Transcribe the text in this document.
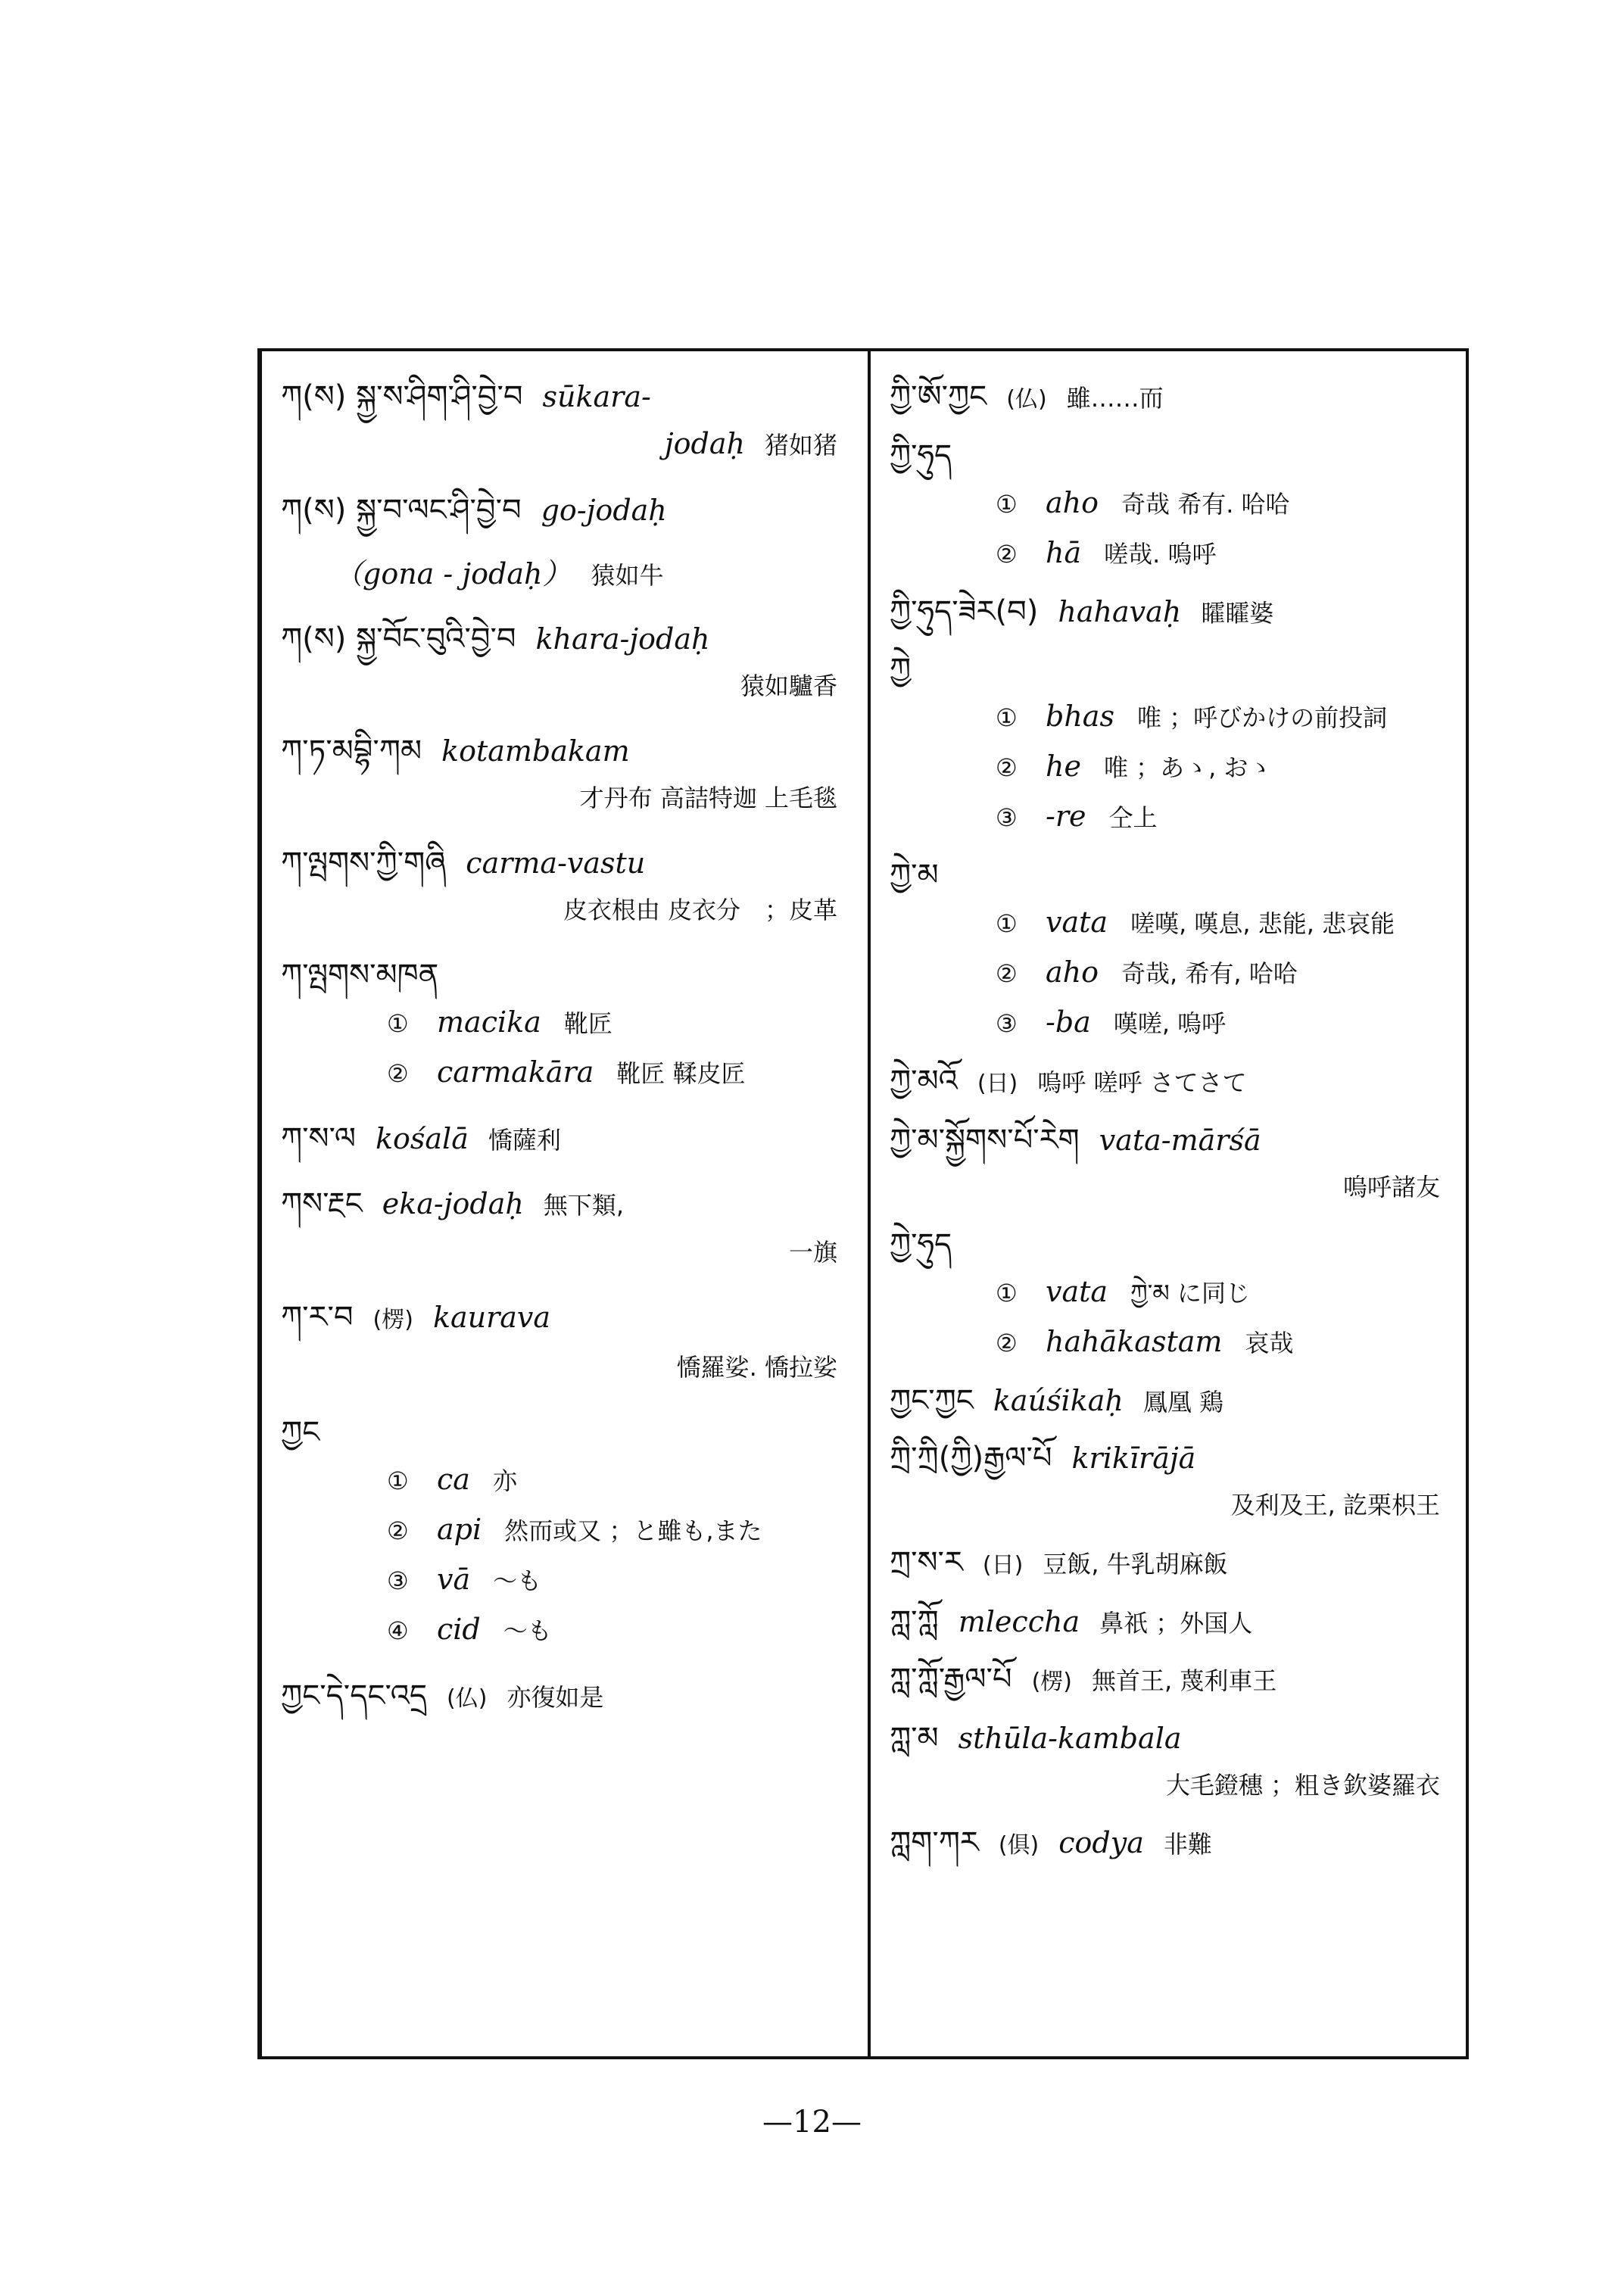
ཀ(ས) སྐྱ་ས་ཤིག་ཤི་བྱེ་བ sūkara-
jodaḥ 猪如猪
ཀ(ས) སྐྱ་བ་ལང་ཤི་བྱེ་བ go-jodaḥ
（gona - jodaḥ） 猿如牛
ཀ(ས) སྐྱ་བོང་བུའི་བྱེ་བ khara-jodaḥ
猿如驢香
ཀ་ཏ་མབྷི་ཀམ kotambakam
才丹布 高詰特迦 上毛毯
ཀ་ལྤགས་ཀྱི་གཞི carma-vastu
皮衣根由 皮衣分　；皮革
ཀ་ལྤགས་མཁན
① macika 靴匠
② carmakāra 靴匠 鞣皮匠
ཀ་ས་ལ kośalā 憍薩利
ཀས་རྔང eka-jodaḥ 無下類,
一旗
ཀ་ར་བ (楞) kaurava
憍羅娑. 憍拉娑
ཀྱང
① ca 亦
② api 然而或又 ；と雖も,また
③ vā ～も
④ cid ～も
ཀྱང་དེ་དང་འདྲ (仏) 亦復如是
ཀྱི་ཨོ་ཀྱང (仏) 雖……而
ཀྱི་ཧུད
① aho 奇哉 希有. 哈哈
② hā 嗟哉. 嗚呼
ཀྱི་ཧུད་ཟེར(བ) hahavaḥ 矐矐婆
ཀྱེ
① bhas 唯 ；呼びかけの前投詞
② he 唯 ；あゝ, おゝ
③ -re 仝上
ཀྱེ་མ
① vata 嗟嘆, 嘆息, 悲能, 悲哀能
② aho 奇哉, 希有, 哈哈
③ -ba 嘆嗟, 嗚呼
ཀྱེ་མའོ (日) 嗚呼 嗟呼 さてさて
ཀྱེ་མ་སྐྱོགས་པོ་རེག vata-mārśā
嗚呼諸友
ཀྱེ་ཧུད
① vata ཀྱེ་མ に同じ
② hahākastam 哀哉
ཀྱང་ཀྱང kaúśikaḥ 鳳凰 鶏
ཀྲི་ཀྲི(ཀྱི)རྒྱལ་པོ krikīrājā
及利及王, 訖栗枳王
ཀྲ་ས་ར (日) 豆飯, 牛乳胡麻飯
ཀླ་ཀློ mleccha 鼻祇 ；外国人
ཀླ་ཀློ་རྒྱལ་པོ (楞) 無首王, 蔑利車王
ཀླ་མ sthūla-kambala
大毛鐙穗 ；粗き欽婆羅衣
ཀླག་ཀར (俱) codya 非難
—12—
